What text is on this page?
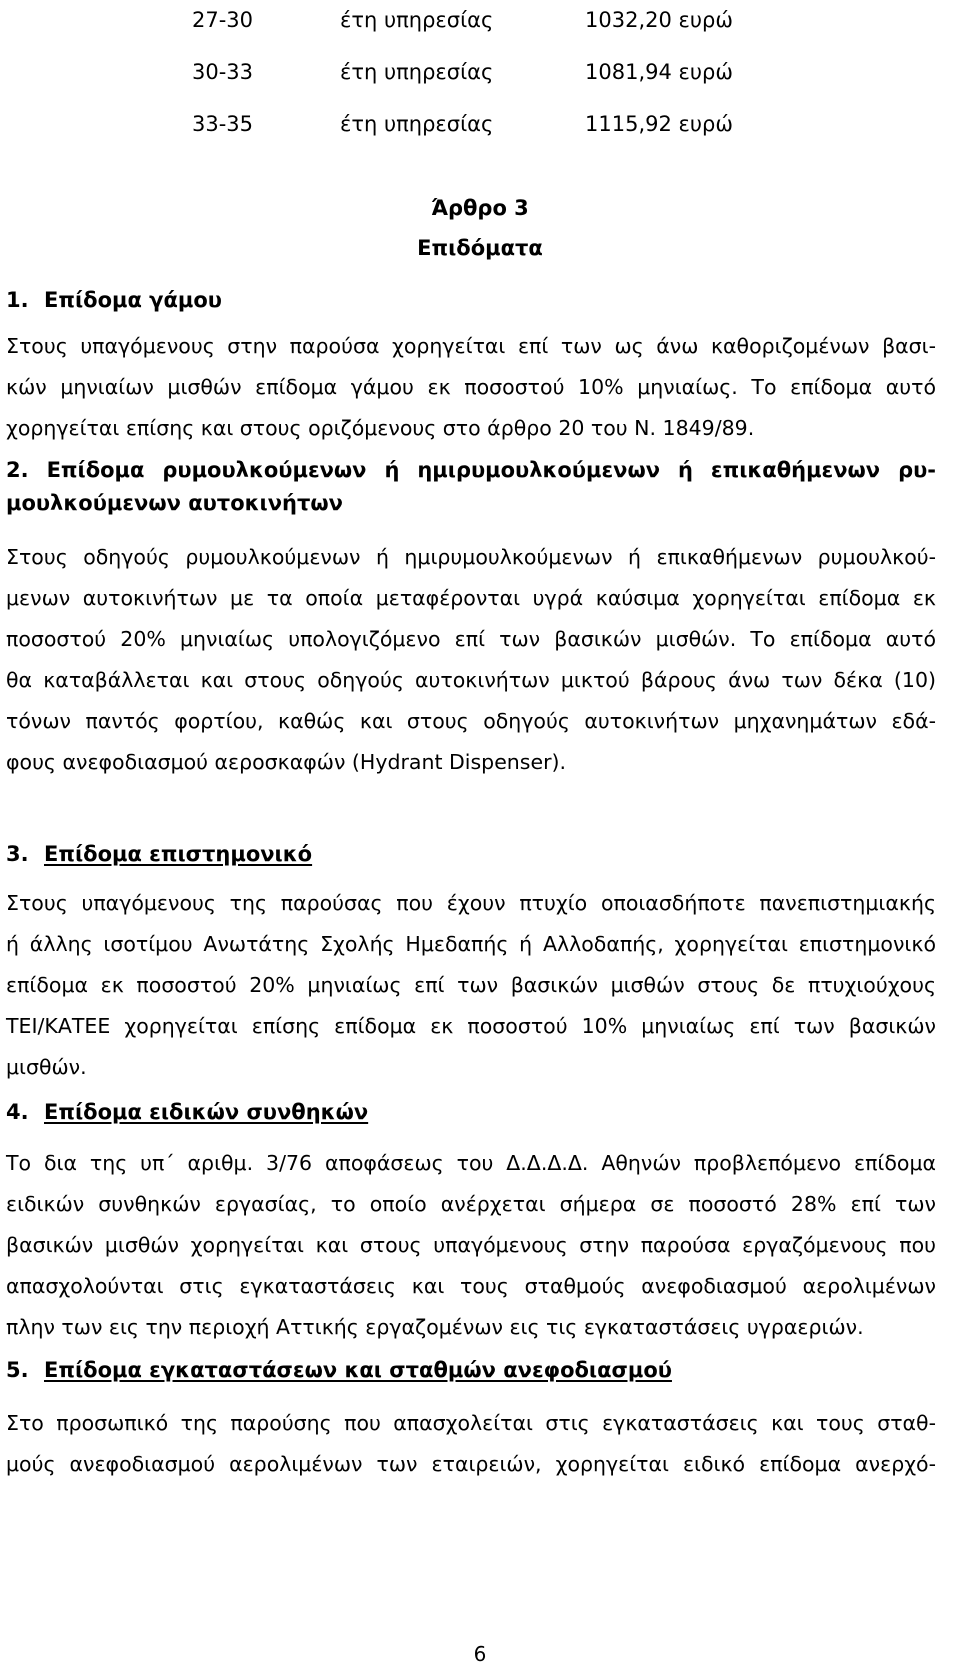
27-30	έτη υπηρεσίας	1032,20 ευρώ
30-33	έτη υπηρεσίας	1081,94 ευρώ
33-35	έτη υπηρεσίας	1115,92 ευρώ
Άρθρο 3
Επιδόματα
1. Επίδομα γάμου
Στους υπαγόμενους στην παρούσα χορηγείται επί των ως άνω καθοριζομένων βασι-
κών μηνιαίων μισθών επίδομα γάμου εκ ποσοστού 10% μηνιαίως. Το επίδομα αυτό
χορηγείται επίσης και στους οριζόμενους στο άρθρο 20 του Ν. 1849/89.
2. Επίδομα ρυμουλκούμενων ή ημιρυμουλκούμενων ή επικαθήμενων ρυ-
μουλκούμενων αυτοκινήτων
Στους οδηγούς ρυμουλκούμενων ή ημιρυμουλκούμενων ή επικαθήμενων ρυμουλκού-
μενων αυτοκινήτων με τα οποία μεταφέρονται υγρά καύσιμα χορηγείται επίδομα εκ
ποσοστού 20% μηνιαίως υπολογιζόμενο επί των βασικών μισθών. Το επίδομα αυτό
θα καταβάλλεται και στους οδηγούς αυτοκινήτων μικτού βάρους άνω των δέκα (10)
τόνων παντός φορτίου, καθώς και στους οδηγούς αυτοκινήτων μηχανημάτων εδά-
φους ανεφοδιασμού αεροσκαφών (Hydrant Dispenser).
3. Επίδομα επιστημονικό
Στους υπαγόμενους της παρούσας που έχουν πτυχίο οποιασδήποτε πανεπιστημιακής
ή άλλης ισοτίμου Ανωτάτης Σχολής Ημεδαπής ή Αλλοδαπής, χορηγείται επιστημονικό
επίδομα εκ ποσοστού 20% μηνιαίως επί των βασικών μισθών στους δε πτυχιούχους
ΤΕΙ/ΚΑΤΕΕ χορηγείται επίσης επίδομα εκ ποσοστού 10% μηνιαίως επί των βασικών
μισθών.
4. Επίδομα ειδικών συνθηκών
Το δια της υπ΄ αριθμ. 3/76 αποφάσεως του Δ.Δ.Δ.Δ. Αθηνών προβλεπόμενο επίδομα
ειδικών συνθηκών εργασίας, το οποίο ανέρχεται σήμερα σε ποσοστό 28% επί των
βασικών μισθών χορηγείται και στους υπαγόμενους στην παρούσα εργαζόμενους που
απασχολούνται στις εγκαταστάσεις και τους σταθμούς ανεφοδιασμού αερολιμένων
πλην των εις την περιοχή Αττικής εργαζομένων εις τις εγκαταστάσεις υγραεριών.
5. Επίδομα εγκαταστάσεων και σταθμών ανεφοδιασμού
Στο προσωπικό της παρούσης που απασχολείται στις εγκαταστάσεις και τους σταθ-
μούς ανεφοδιασμού αερολιμένων των εταιρειών, χορηγείται ειδικό επίδομα ανερχό-
6
